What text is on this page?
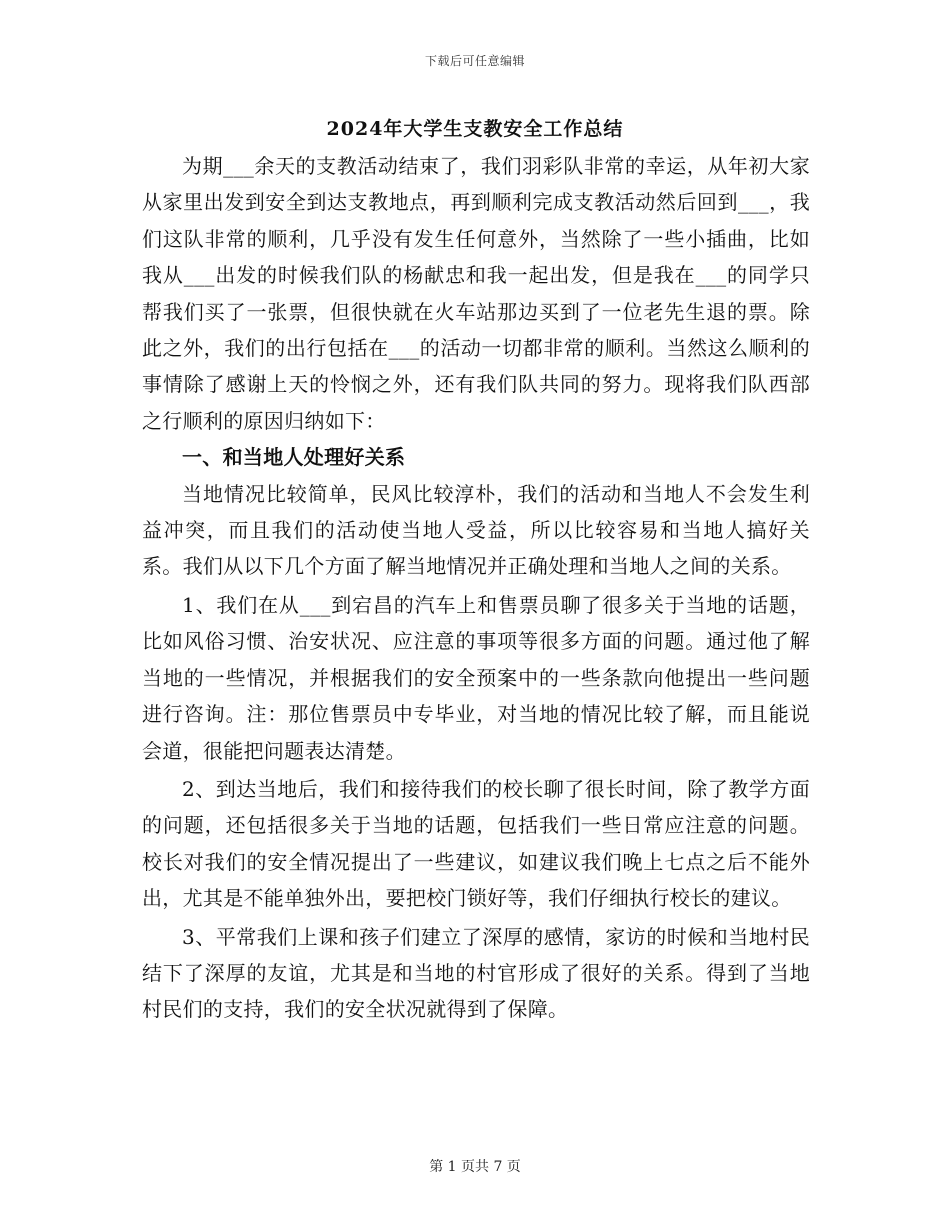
下载后可任意编辑
2024年大学生支教安全工作总结

为期___余天的支教活动结束了，我们羽彩队非常的幸运，从年初大家从家里出发到安全到达支教地点，再到顺利完成支教活动然后回到___，我们这队非常的顺利，几乎没有发生任何意外，当然除了一些小插曲，比如我从___出发的时候我们队的杨献忠和我一起出发，但是我在___的同学只帮我们买了一张票，但很快就在火车站那边买到了一位老先生退的票。除此之外，我们的出行包括在___的活动一切都非常的顺利。当然这么顺利的事情除了感谢上天的怜悯之外，还有我们队共同的努力。现将我们队西部之行顺利的原因归纳如下：

一、和当地人处理好关系

当地情况比较简单，民风比较淳朴，我们的活动和当地人不会发生利益冲突，而且我们的活动使当地人受益，所以比较容易和当地人搞好关系。我们从以下几个方面了解当地情况并正确处理和当地人之间的关系。

1、我们在从___到宕昌的汽车上和售票员聊了很多关于当地的话题，比如风俗习惯、治安状况、应注意的事项等很多方面的问题。通过他了解当地的一些情况，并根据我们的安全预案中的一些条款向他提出一些问题进行咨询。注：那位售票员中专毕业，对当地的情况比较了解，而且能说会道，很能把问题表达清楚。

2、到达当地后，我们和接待我们的校长聊了很长时间，除了教学方面的问题，还包括很多关于当地的话题，包括我们一些日常应注意的问题。校长对我们的安全情况提出了一些建议，如建议我们晚上七点之后不能外出，尤其是不能单独外出，要把校门锁好等，我们仔细执行校长的建议。

3、平常我们上课和孩子们建立了深厚的感情，家访的时候和当地村民结下了深厚的友谊，尤其是和当地的村官形成了很好的关系。得到了当地村民们的支持，我们的安全状况就得到了保障。

第 1 页共 7 页
